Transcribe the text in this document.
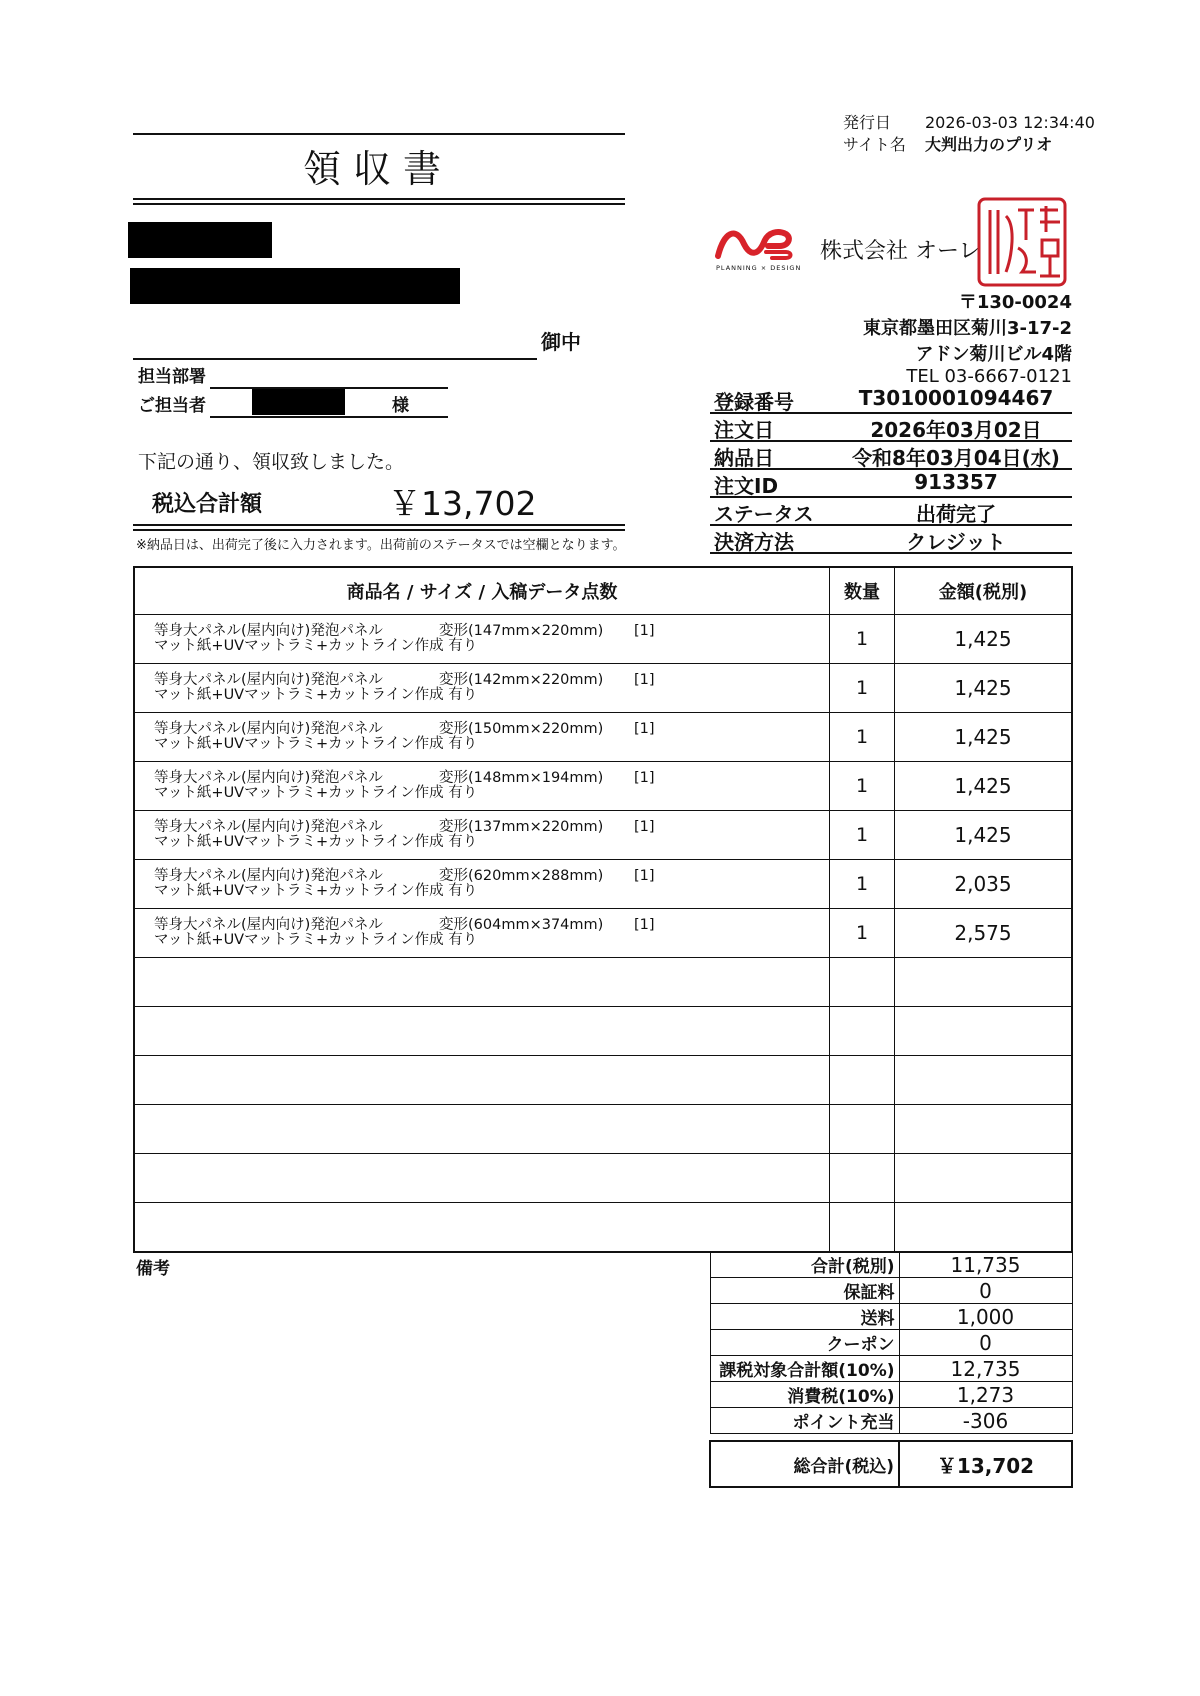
発行日 2026-03-03 12:34:40
サイト名 大判出力のプリオ
領収書
御中
担当部署
ご担当者	様
下記の通り、領収致しました。
税込合計額	￥13,702
※納品日は、出荷完了後に入力されます。出荷前のステータスでは空欄となります。
PLANNING × DESIGN
株式会社 オーレ
〒130-0024
東京都墨田区菊川3-17-2
アドン菊川ビル4階
TEL 03-6667-0121
登録番号	T3010001094467
注文日	2026年03月02日
納品日	令和8年03月04日(水)
注文ID	913357
ステータス	出荷完了
決済方法	クレジット
商品名 / サイズ / 入稿データ点数	数量	金額(税別)

等身大パネル(屋内向け)発泡パネル 変形(147mm×220mm) [1]
マット紙+UVマットラミ+カットライン作成 有り	1	1,425

等身大パネル(屋内向け)発泡パネル 変形(142mm×220mm) [1]
マット紙+UVマットラミ+カットライン作成 有り	1	1,425

等身大パネル(屋内向け)発泡パネル 変形(150mm×220mm) [1]
マット紙+UVマットラミ+カットライン作成 有り	1	1,425

等身大パネル(屋内向け)発泡パネル 変形(148mm×194mm) [1]
マット紙+UVマットラミ+カットライン作成 有り	1	1,425

等身大パネル(屋内向け)発泡パネル 変形(137mm×220mm) [1]
マット紙+UVマットラミ+カットライン作成 有り	1	1,425

等身大パネル(屋内向け)発泡パネル 変形(620mm×288mm) [1]
マット紙+UVマットラミ+カットライン作成 有り	1	2,035

等身大パネル(屋内向け)発泡パネル 変形(604mm×374mm) [1]
マット紙+UVマットラミ+カットライン作成 有り	1	2,575

備考	合計(税別)	11,735
保証料	0
送料	1,000
クーポン	0
課税対象合計額(10%)	12,735
消費税(10%)	1,273
ポイント充当	-306

総合計(税込)	￥13,702
